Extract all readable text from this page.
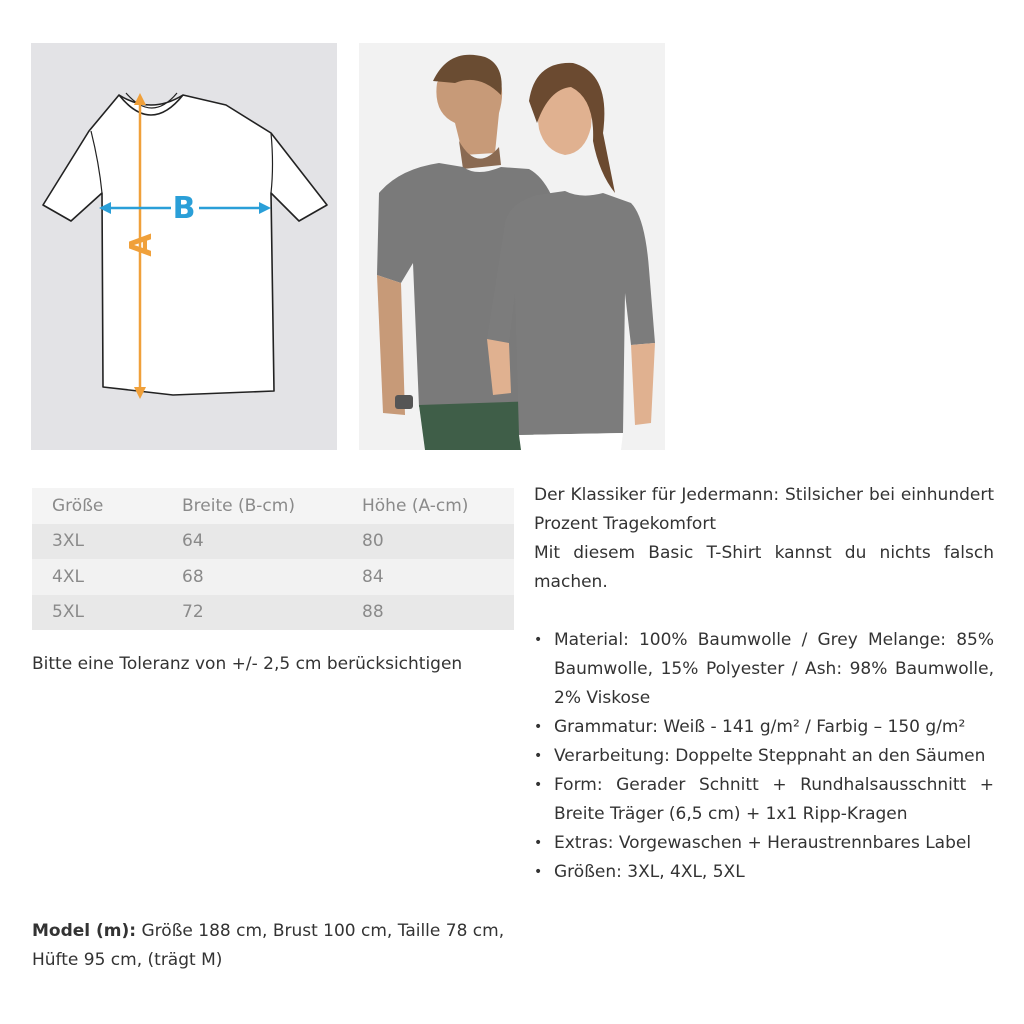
B
A
Größe	Breite (B-cm)	Höhe (A-cm)
3XL	64	80
4XL	68	84
5XL	72	88
Bitte eine Toleranz von +/- 2,5 cm berücksichtigen
Model (m): Größe 188 cm, Brust 100 cm, Taille 78 cm, Hüfte 95 cm, (trägt M)

Der Klassiker für Jedermann: Stilsicher bei einhundert Prozent Tragekomfort

Mit diesem Basic T-Shirt kannst du nichts falsch machen.

• Material: 100% Baumwolle / Grey Melange: 85% Baumwolle, 15% Polyester / Ash: 98% Baumwolle, 2% Viskose
• Grammatur: Weiß - 141 g/m² / Farbig – 150 g/m²
• Verarbeitung: Doppelte Steppnaht an den Säumen
• Form: Gerader Schnitt + Rundhalsausschnitt + Breite Träger (6,5 cm) + 1x1 Ripp-Kragen
• Extras: Vorgewaschen + Heraustrennbares Label
• Größen: 3XL, 4XL, 5XL
